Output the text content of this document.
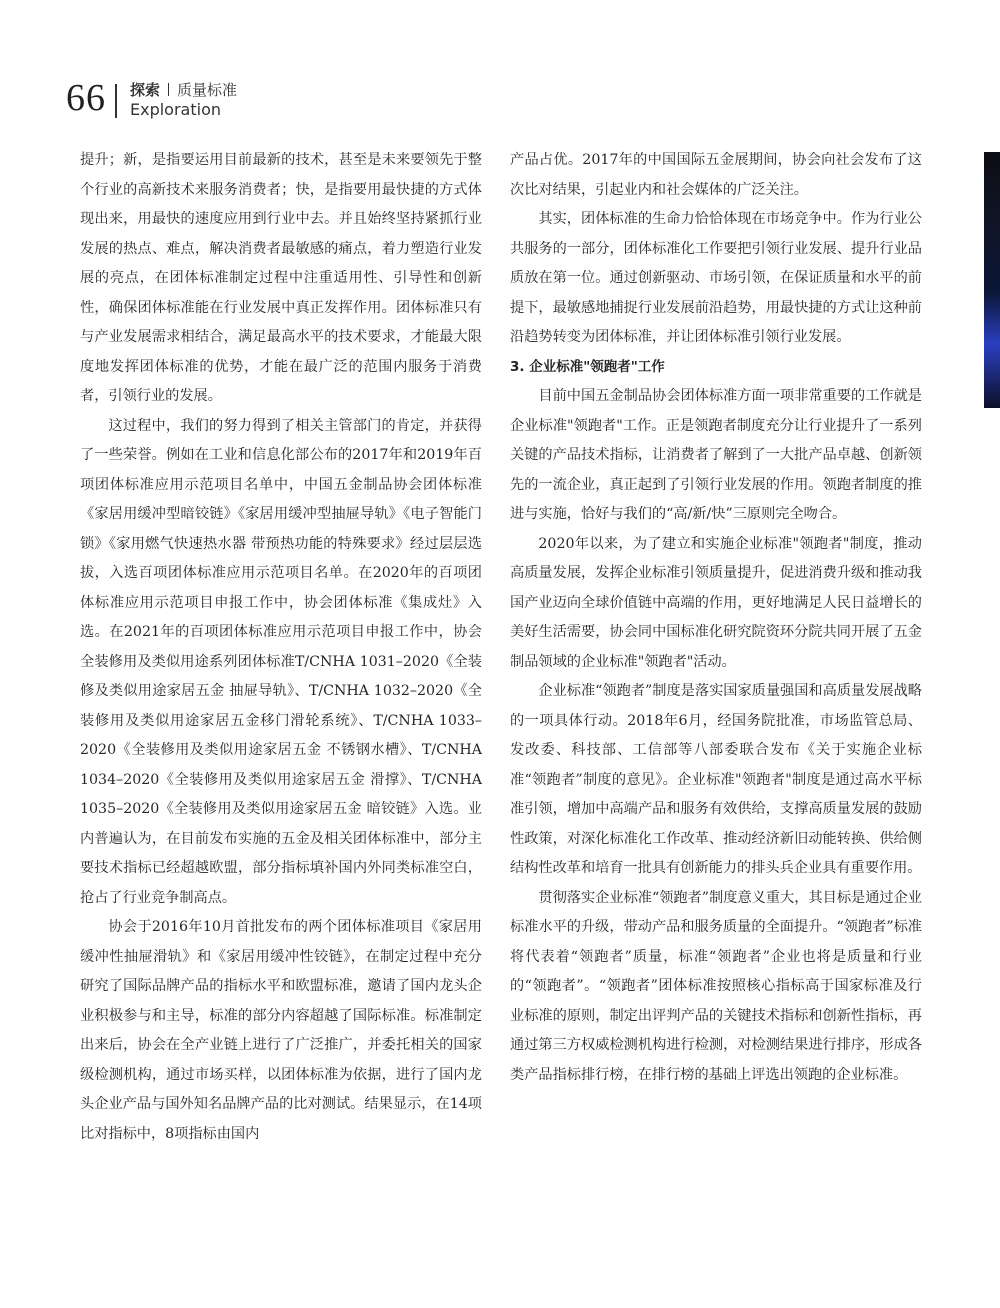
66 探索 质量标准
Exploration

提升；新，是指要运用目前最新的技术，甚至是未来要领先于整个行业的高新技术来服务消费者；快，是指要用最快捷的方式体现出来，用最快的速度应用到行业中去。并且始终坚持紧抓行业发展的热点、难点，解决消费者最敏感的痛点，着力塑造行业发展的亮点，在团体标准制定过程中注重适用性、引导性和创新性，确保团体标准能在行业发展中真正发挥作用。团体标准只有与产业发展需求相结合，满足最高水平的技术要求，才能最大限度地发挥团体标准的优势，才能在最广泛的范围内服务于消费者，引领行业的发展。

这过程中，我们的努力得到了相关主管部门的肯定，并获得了一些荣誉。例如在工业和信息化部公布的2017年和2019年百项团体标准应用示范项目名单中，中国五金制品协会团体标准《家居用缓冲型暗铰链》《家居用缓冲型抽屉导轨》《电子智能门锁》《家用燃气快速热水器 带预热功能的特殊要求》经过层层选拔，入选百项团体标准应用示范项目名单。在2020年的百项团体标准应用示范项目申报工作中，协会团体标准《集成灶》入选。在2021年的百项团体标准应用示范项目申报工作中，协会全装修用及类似用途系列团体标准T/CNHA 1031–2020《全装修及类似用途家居五金 抽屉导轨》、T/CNHA 1032–2020《全装修用及类似用途家居五金移门滑轮系统》、T/CNHA 1033–2020《全装修用及类似用途家居五金 不锈钢水槽》、T/CNHA 1034–2020《全装修用及类似用途家居五金 滑撑》、T/CNHA 1035–2020《全装修用及类似用途家居五金 暗铰链》入选。业内普遍认为，在目前发布实施的五金及相关团体标准中，部分主要技术指标已经超越欧盟，部分指标填补国内外同类标准空白，抢占了行业竞争制高点。

协会于2016年10月首批发布的两个团体标准项目《家居用缓冲性抽屉滑轨》和《家居用缓冲性铰链》，在制定过程中充分研究了国际品牌产品的指标水平和欧盟标准，邀请了国内龙头企业积极参与和主导，标准的部分内容超越了国际标准。标准制定出来后，协会在全产业链上进行了广泛推广，并委托相关的国家级检测机构，通过市场买样，以团体标准为依据，进行了国内龙头企业产品与国外知名品牌产品的比对测试。结果显示，在14项比对指标中，8项指标由国内

产品占优。2017年的中国国际五金展期间，协会向社会发布了这次比对结果，引起业内和社会媒体的广泛关注。

其实，团体标准的生命力恰恰体现在市场竞争中。作为行业公共服务的一部分，团体标准化工作要把引领行业发展、提升行业品质放在第一位。通过创新驱动、市场引领，在保证质量和水平的前提下，最敏感地捕捉行业发展前沿趋势，用最快捷的方式让这种前沿趋势转变为团体标准，并让团体标准引领行业发展。

3. 企业标准"领跑者"工作

目前中国五金制品协会团体标准方面一项非常重要的工作就是企业标准"领跑者"工作。正是领跑者制度充分让行业提升了一系列关键的产品技术指标，让消费者了解到了一大批产品卓越、创新领先的一流企业，真正起到了引领行业发展的作用。领跑者制度的推进与实施，恰好与我们的“高/新/快”三原则完全吻合。

2020年以来，为了建立和实施企业标准"领跑者"制度，推动高质量发展，发挥企业标准引领质量提升，促进消费升级和推动我国产业迈向全球价值链中高端的作用，更好地满足人民日益增长的美好生活需要，协会同中国标准化研究院资环分院共同开展了五金制品领域的企业标准"领跑者"活动。

企业标准“领跑者”制度是落实国家质量强国和高质量发展战略的一项具体行动。2018年6月，经国务院批准，市场监管总局、发改委、科技部、工信部等八部委联合发布《关于实施企业标准“领跑者”制度的意见》。企业标准"领跑者"制度是通过高水平标准引领，增加中高端产品和服务有效供给，支撑高质量发展的鼓励性政策，对深化标准化工作改革、推动经济新旧动能转换、供给侧结构性改革和培育一批具有创新能力的排头兵企业具有重要作用。

贯彻落实企业标准“领跑者”制度意义重大，其目标是通过企业标准水平的升级，带动产品和服务质量的全面提升。“领跑者”标准将代表着“领跑者”质量，标准“领跑者”企业也将是质量和行业的“领跑者”。“领跑者”团体标准按照核心指标高于国家标准及行业标准的原则，制定出评判产品的关键技术指标和创新性指标，再通过第三方权威检测机构进行检测，对检测结果进行排序，形成各类产品指标排行榜，在排行榜的基础上评选出领跑的企业标准。
